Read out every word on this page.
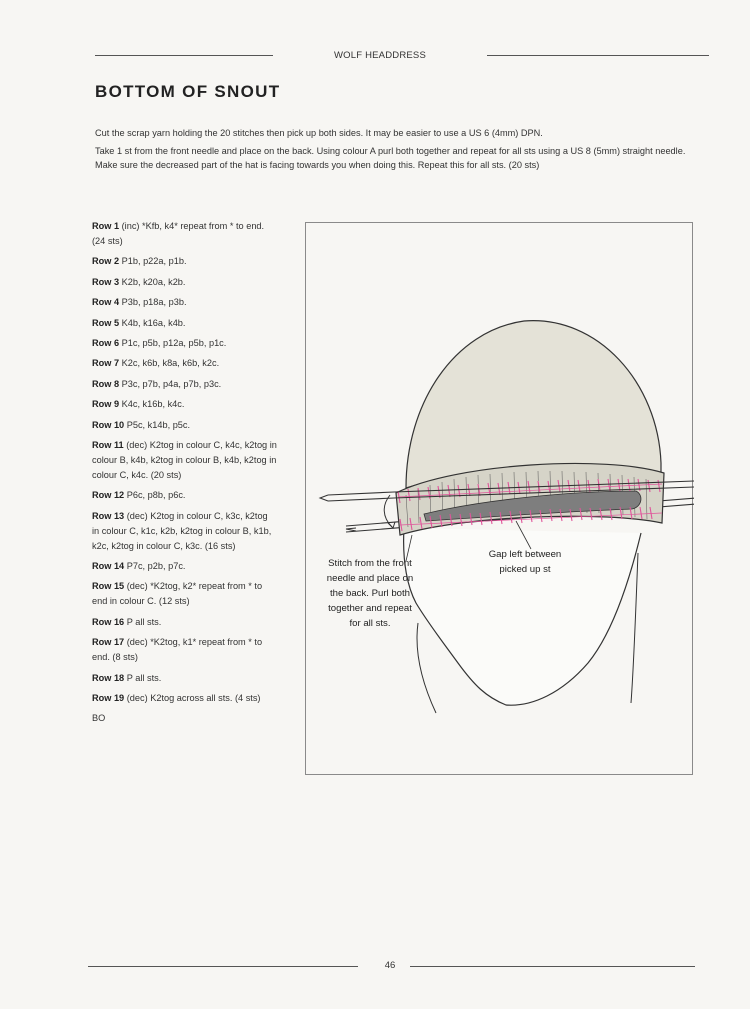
WOLF HEADDRESS
BOTTOM OF SNOUT

Cut the scrap yarn holding the 20 stitches then pick up both sides. It may be easier to use a US 6 (4mm) DPN.

Take 1 st from the front needle and place on the back. Using colour A purl both together and repeat for all sts using a US 8 (5mm) straight needle. Make sure the decreased part of the hat is facing towards you when doing this. Repeat this for all sts. (20 sts)

Row 1 (inc) *Kfb, k4* repeat from * to end. (24 sts)
Row 2 P1b, p22a, p1b.
Row 3 K2b, k20a, k2b.
Row 4 P3b, p18a, p3b.
Row 5 K4b, k16a, k4b.
Row 6 P1c, p5b, p12a, p5b, p1c.
Row 7 K2c, k6b, k8a, k6b, k2c.
Row 8 P3c, p7b, p4a, p7b, p3c.
Row 9 K4c, k16b, k4c.
Row 10 P5c, k14b, p5c.
Row 11 (dec) K2tog in colour C, k4c, k2tog in colour B, k4b, k2tog in colour B, k4b, k2tog in colour C, k4c. (20 sts)
Row 12 P6c, p8b, p6c.
Row 13 (dec) K2tog in colour C, k3c, k2tog in colour C, k1c, k2b, k2tog in colour B, k1b, k2c, k2tog in colour C, k3c. (16 sts)
Row 14 P7c, p2b, p7c.
Row 15 (dec) *K2tog, k2* repeat from * to end in colour C. (12 sts)
Row 16 P all sts.
Row 17 (dec) *K2tog, k1* repeat from * to end. (8 sts)
Row 18 P all sts.
Row 19 (dec) K2tog across all sts. (4 sts)
BO
Stitch from the front needle and place on the back. Purl both together and repeat for all sts.
Gap left between picked up st
46
